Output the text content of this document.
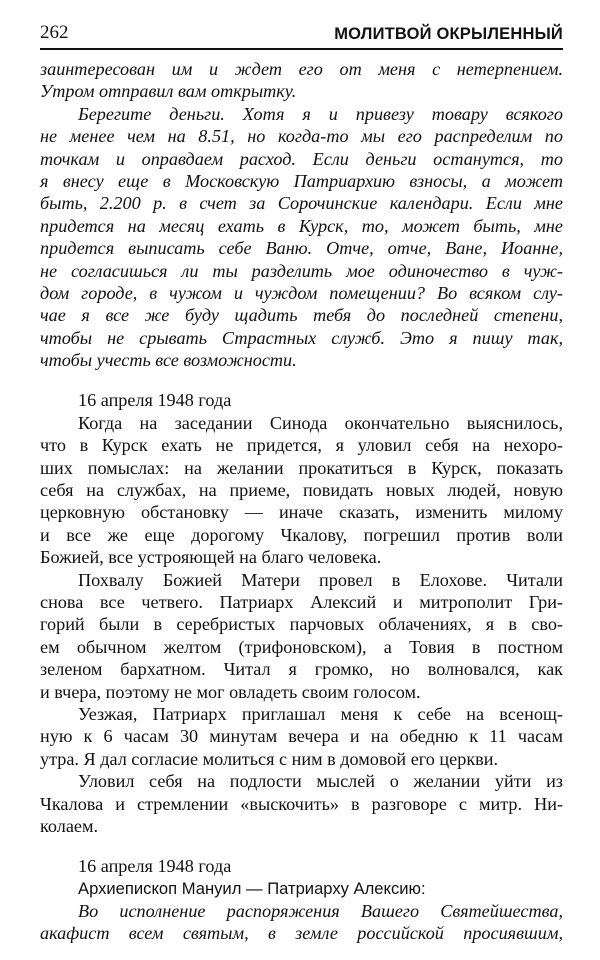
262	МОЛИТВОЙ ОКРЫЛЕННЫЙ
заинтересован им и ждет его от меня с нетерпением.
Утром отправил вам открытку.
Берегите деньги. Хотя я и привезу товару всякого
не менее чем на 8.51, но когда-то мы его распределим по
точкам и оправдаем расход. Если деньги останутся, то
я внесу еще в Московскую Патриархию взносы, а может
быть, 2.200 р. в счет за Сорочинские календари. Если мне
придется на месяц ехать в Курск, то, может быть, мне
придется выписать себе Ваню. Отче, отче, Ване, Иоанне,
не согласишься ли ты разделить мое одиночество в чуж-
дом городе, в чужом и чуждом помещении? Во всяком слу-
чае я все же буду щадить тебя до последней степени,
чтобы не срывать Страстных служб. Это я пишу так,
чтобы учесть все возможности.
16 апреля 1948 года
Когда на заседании Синода окончательно выяснилось,
что в Курск ехать не придется, я уловил себя на нехоро-
ших помыслах: на желании прокатиться в Курск, показать
себя на службах, на приеме, повидать новых людей, новую
церковную обстановку — иначе сказать, изменить милому
и все же еще дорогому Чкалову, погрешил против воли
Божией, все устрояющей на благо человека.
Похвалу Божией Матери провел в Елохове. Читали
снова все четвero. Патриарх Алексий и митрополит Гри-
горий были в серебристых парчовых облачениях, я в сво-
ем обычном желтом (трифоновском), а Товия в постном
зеленом бархатном. Читал я громко, но волновался, как
и вчера, поэтому не мог овладеть своим голосом.
Уезжая, Патриарх приглашал меня к себе на всенощ-
ную к 6 часам 30 минутам вечера и на обедню к 11 часам
утра. Я дал согласие молиться с ним в домовой его церкви.
Уловил себя на подлости мыслей о желании уйти из
Чкалова и стремлении «выскочить» в разговоре с митр. Ни-
колаем.
16 апреля 1948 года
Архиепископ Мануил — Патриарху Алексию:
Во исполнение распоряжения Вашего Святейшества,
акафист всем святым, в земле российской просиявшим,
